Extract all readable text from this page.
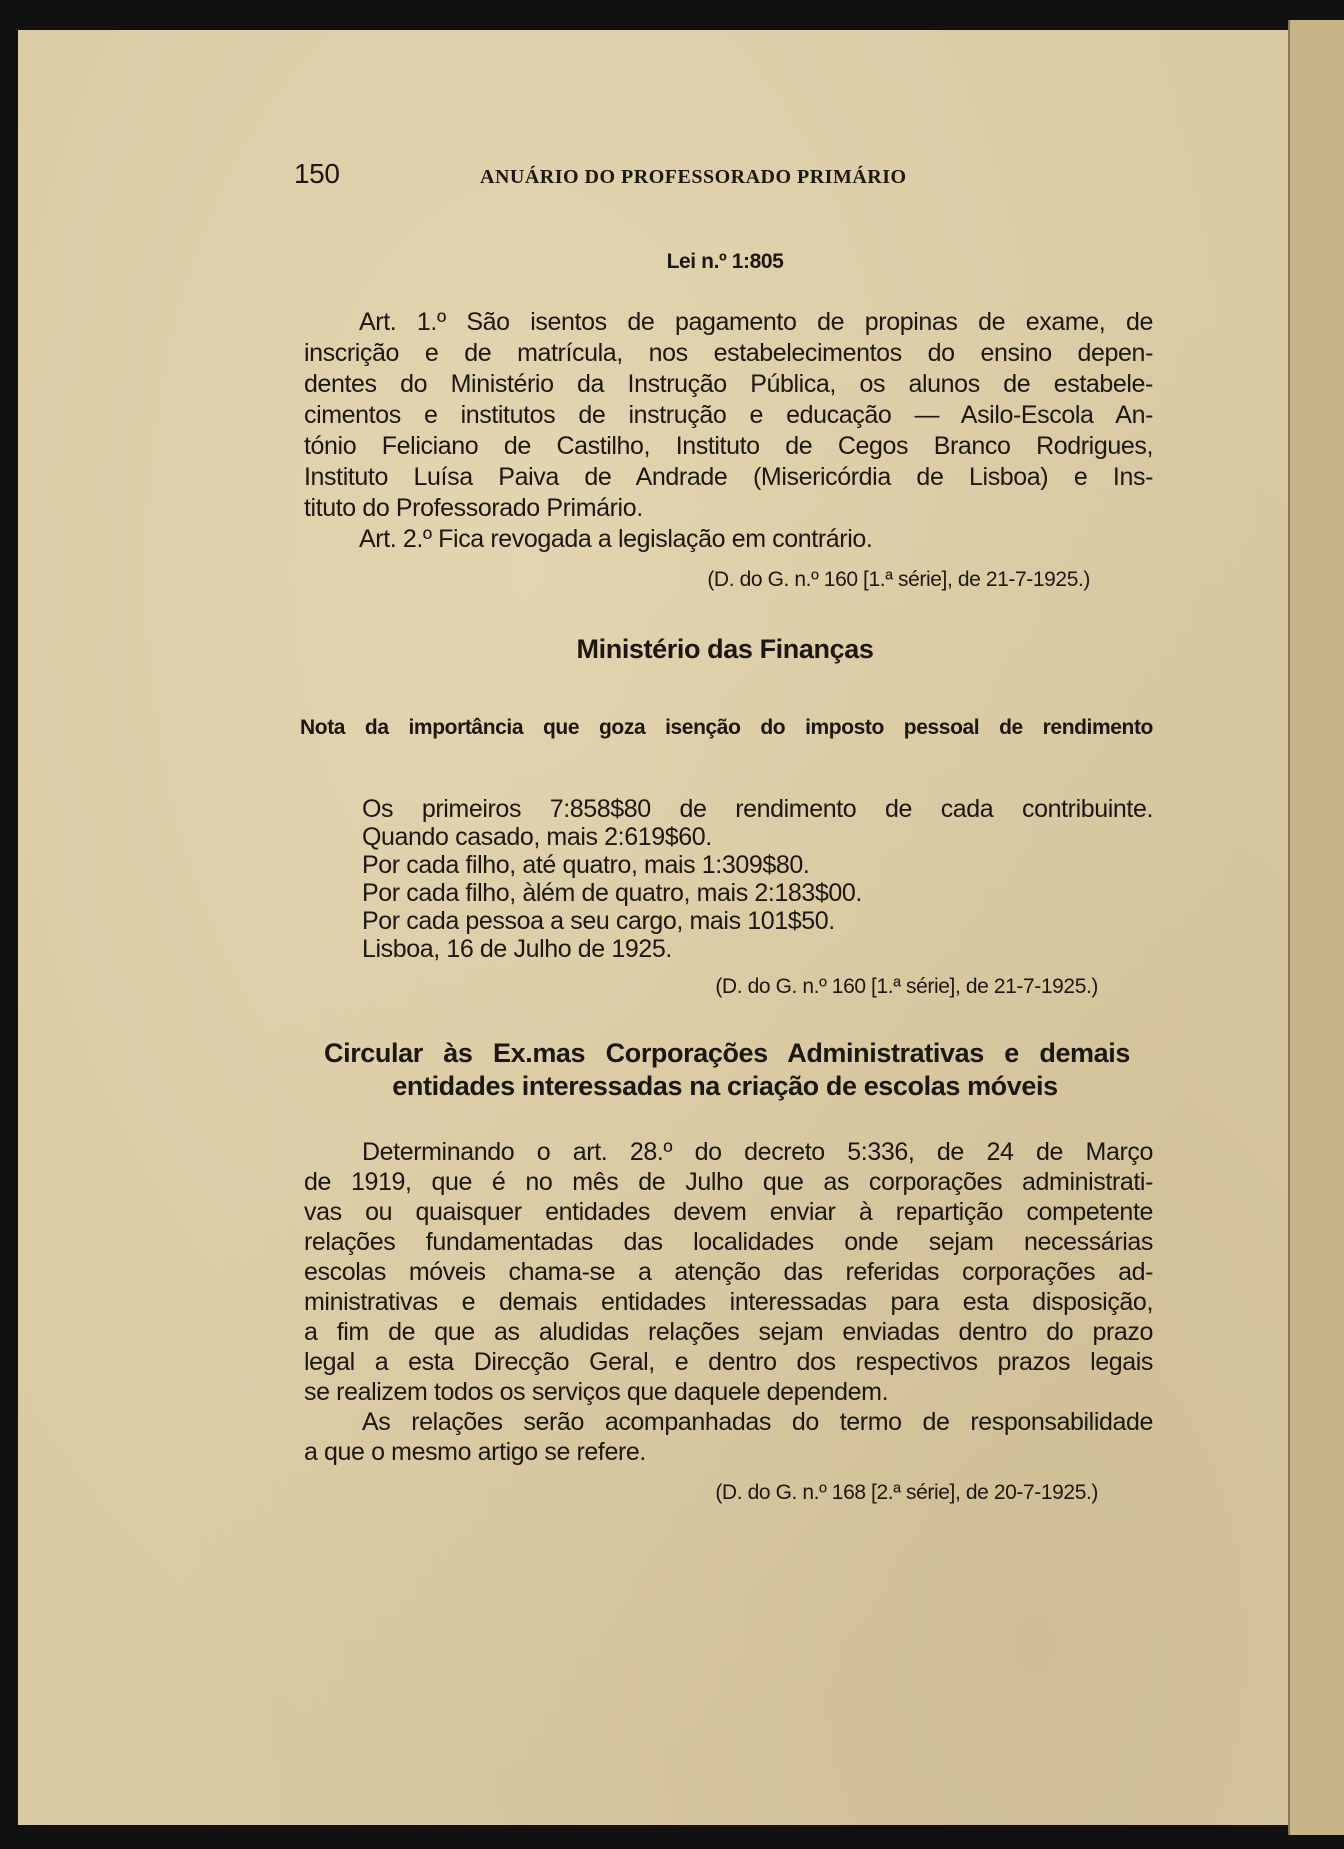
150	ANUÁRIO DO PROFESSORADO PRIMÁRIO
Lei n.º 1:805
Art. 1.º São isentos de pagamento de propinas de exame, de
inscrição e de matrícula, nos estabelecimentos do ensino depen-
dentes do Ministério da Instrução Pública, os alunos de estabele-
cimentos e institutos de instrução e educação — Asilo-Escola An-
tónio Feliciano de Castilho, Instituto de Cegos Branco Rodrigues,
Instituto Luísa Paiva de Andrade (Misericórdia de Lisboa) e Ins-
tituto do Professorado Primário.
Art. 2.º Fica revogada a legislação em contrário.
(D. do G. n.º 160 [1.ª série], de 21-7-1925.)
Ministério das Finanças
Nota da importância que goza isenção do imposto pessoal de rendimento
Os primeiros 7:858$80 de rendimento de cada contribuinte.
Quando casado, mais 2:619$60.
Por cada filho, até quatro, mais 1:309$80.
Por cada filho, àlém de quatro, mais 2:183$00.
Por cada pessoa a seu cargo, mais 101$50.
Lisboa, 16 de Julho de 1925.
(D. do G. n.º 160 [1.ª série], de 21-7-1925.)
Circular às Ex.mas Corporações Administrativas e demais
entidades interessadas na criação de escolas móveis
Determinando o art. 28.º do decreto 5:336, de 24 de Março
de 1919, que é no mês de Julho que as corporações administrati-
vas ou quaisquer entidades devem enviar à repartição competente
relações fundamentadas das localidades onde sejam necessárias
escolas móveis chama-se a atenção das referidas corporações ad-
ministrativas e demais entidades interessadas para esta disposição,
a fim de que as aludidas relações sejam enviadas dentro do prazo
legal a esta Direcção Geral, e dentro dos respectivos prazos legais
se realizem todos os serviços que daquele dependem.
As relações serão acompanhadas do termo de responsabilidade
a que o mesmo artigo se refere.
(D. do G. n.º 168 [2.ª série], de 20-7-1925.)
